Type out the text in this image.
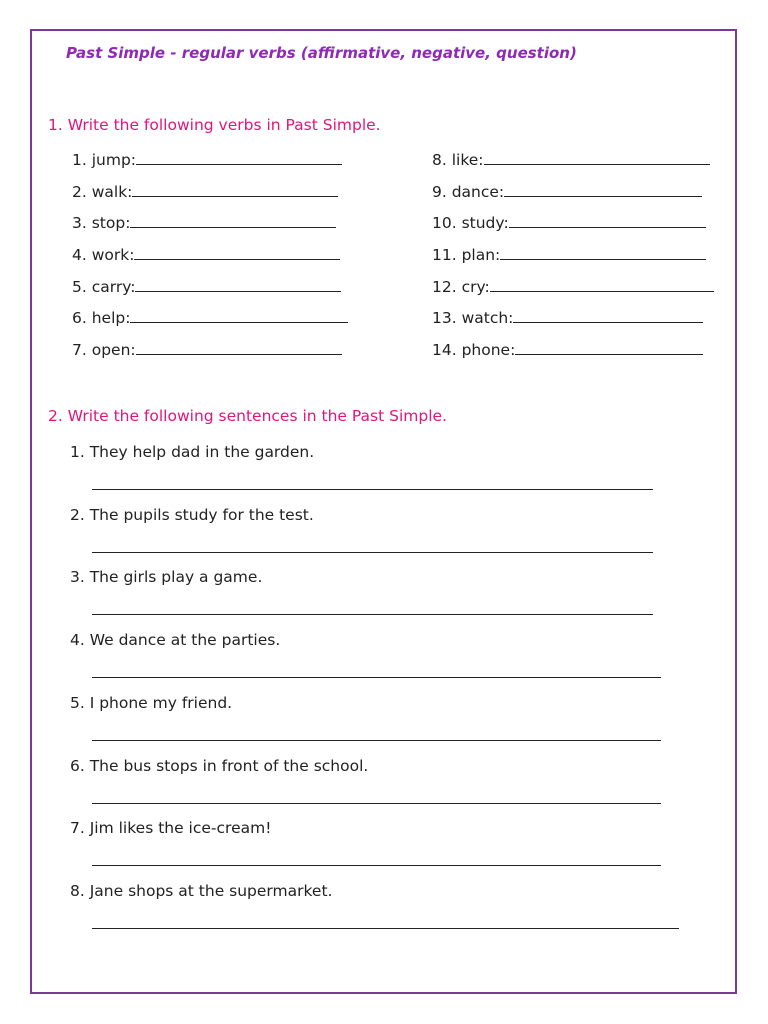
Past Simple - regular verbs (affirmative, negative, question)
1. Write the following verbs in Past Simple.
1. jump:
2. walk:
3. stop:
4. work:
5. carry:
6. help:
7. open:
8. like:
9. dance:
10. study:
11. plan:
12. cry:
13. watch:
14. phone:
2. Write the following sentences in the Past Simple.
1. They help dad in the garden.
2. The pupils study for the test.
3. The girls play a game.
4. We dance at the parties.
5. I phone my friend.
6. The bus stops in front of the school.
7. Jim likes the ice-cream!
8. Jane shops at the supermarket.
